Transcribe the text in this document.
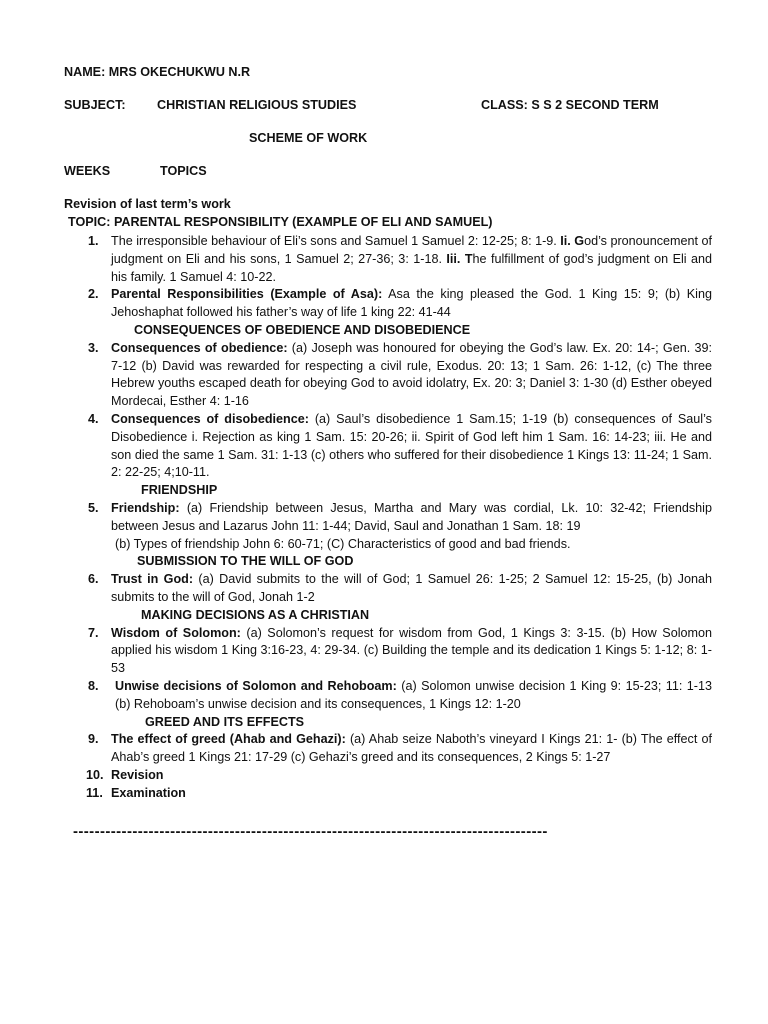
NAME: MRS OKECHUKWU N.R
SUBJECT: CHRISTIAN RELIGIOUS STUDIES	CLASS: S S 2 SECOND TERM
SCHEME OF WORK
WEEKS	TOPICS
Revision of last term’s work
TOPIC: PARENTAL RESPONSIBILITY (EXAMPLE OF ELI AND SAMUEL)
1. The irresponsible behaviour of Eli’s sons and Samuel 1 Samuel 2: 12-25; 8: 1-9. Ii. God’s pronouncement of judgment on Eli and his sons, 1 Samuel 2; 27-36; 3: 1-18. Iii. The fulfillment of god’s judgment on Eli and his family. 1 Samuel 4: 10-22.
2. Parental Responsibilities (Example of Asa): Asa the king pleased the God. 1 King 15: 9; (b) King Jehoshaphat followed his father’s way of life 1 king 22: 41-44
CONSEQUENCES OF OBEDIENCE AND DISOBEDIENCE
3. Consequences of obedience: (a) Joseph was honoured for obeying the God’s law. Ex. 20: 14-; Gen. 39: 7-12 (b) David was rewarded for respecting a civil rule, Exodus. 20: 13; 1 Sam. 26: 1-12, (c) The three Hebrew youths escaped death for obeying God to avoid idolatry, Ex. 20: 3; Daniel 3: 1-30 (d) Esther obeyed Mordecai, Esther 4: 1-16
4. Consequences of disobedience: (a) Saul’s disobedience 1 Sam.15; 1-19 (b) consequences of Saul’s Disobedience i. Rejection as king 1 Sam. 15: 20-26; ii. Spirit of God left him 1 Sam. 16: 14-23; iii. He and son died the same 1 Sam. 31: 1-13 (c) others who suffered for their disobedience 1 Kings 13: 11-24; 1 Sam. 2: 22-25; 4;10-11.
FRIENDSHIP
5. Friendship: (a) Friendship between Jesus, Martha and Mary was cordial, Lk. 10: 32-42; Friendship between Jesus and Lazarus John 11: 1-44; David, Saul and Jonathan 1 Sam. 18: 19
(b) Types of friendship John 6: 60-71; (C) Characteristics of good and bad friends.
SUBMISSION TO THE WILL OF GOD
6. Trust in God: (a) David submits to the will of God; 1 Samuel 26: 1-25; 2 Samuel 12: 15-25, (b) Jonah submits to the will of God, Jonah 1-2
MAKING DECISIONS AS A CHRISTIAN
7. Wisdom of Solomon: (a) Solomon’s request for wisdom from God, 1 Kings 3: 3-15. (b) How Solomon applied his wisdom 1 King 3:16-23, 4: 29-34. (c) Building the temple and its dedication 1 Kings 5: 1-12; 8: 1-53
8. Unwise decisions of Solomon and Rehoboam: (a) Solomon unwise decision 1 King 9: 15-23; 11: 1-13 (b) Rehoboam’s unwise decision and its consequences, 1 Kings 12: 1-20
GREED AND ITS EFFECTS
9. The effect of greed (Ahab and Gehazi): (a) Ahab seize Naboth’s vineyard I Kings 21: 1- (b) The effect of Ahab’s greed 1 Kings 21: 17-29 (c) Gehazi’s greed and its consequences, 2 Kings 5: 1-27
10. Revision
11. Examination
----------------------------------------------------------------------------------------
